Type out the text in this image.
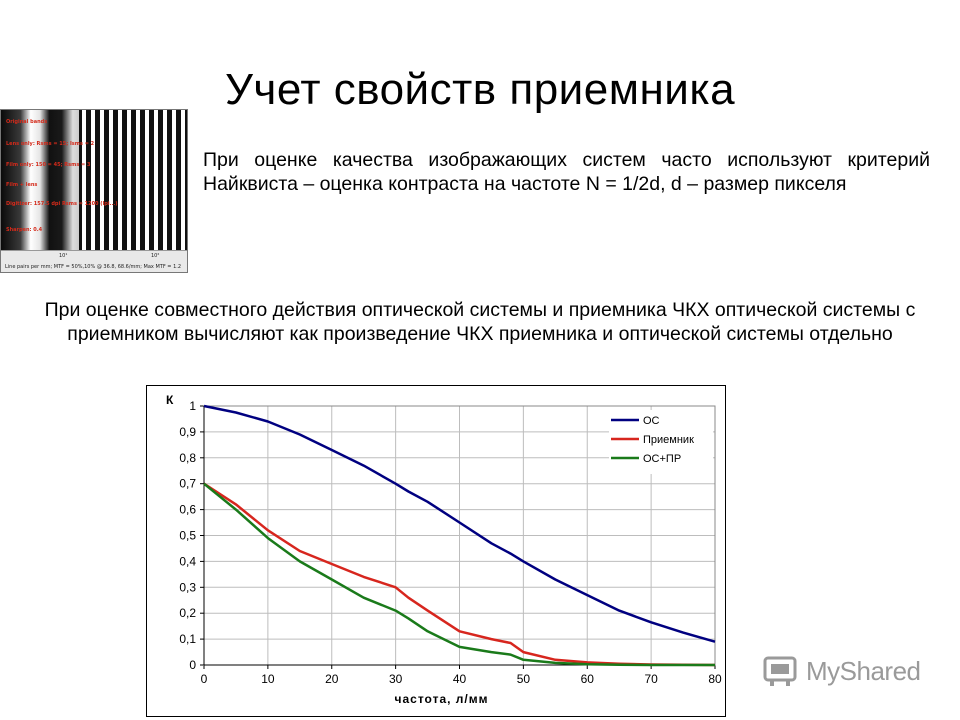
Учет свойств приемника
Original bands
Lens only: Rsms = 15; Isms = 2
Film only: 150 = 45; Rsms = 3
Film + lens
Digitizer: 157.5 dpi Rsms = 1200 (lpi...)
Sharpen: 0.4
10¹	10²
Line pairs per mm; MTF = 50%,10% @ 36.8, 68.6/mm; Max MTF = 1.2
При оценке качества изображающих систем часто используют критерий Найквиста – оценка контраста на частоте N = 1/2d, d – размер пикселя
При оценке совместного действия оптической системы и приемника ЧКХ оптической системы с приемником вычисляют как произведение ЧКХ приемника и оптической системы отдельно
0
0,1
0,2
0,3
0,4
0,5
0,6
0,7
0,8
0,9
1
0	10	20	30	40	50	60	70	80
К
частота, л/мм
ОС
Приемник
ОС+ПР
MyShared
